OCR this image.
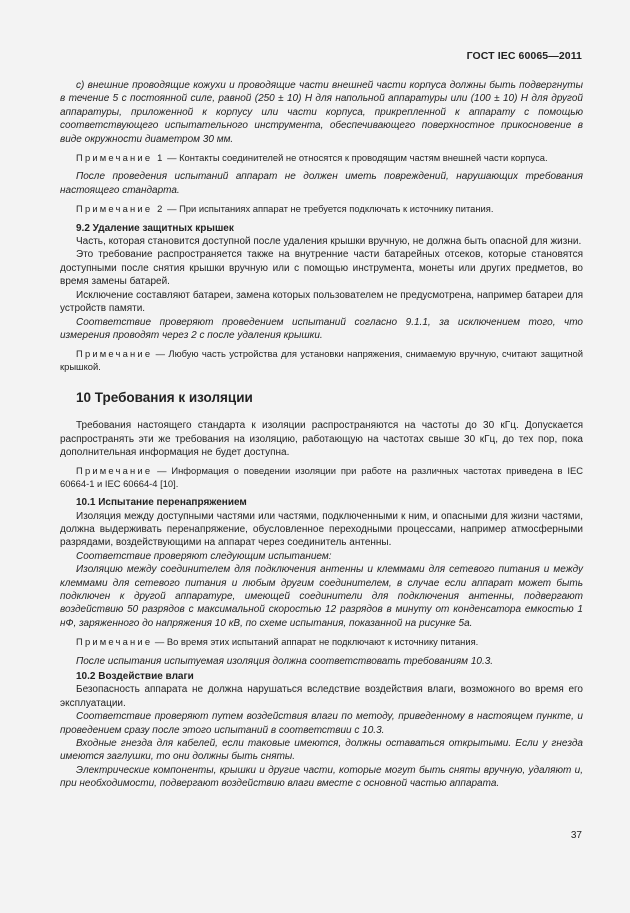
ГОСТ IEC 60065—2011

с) внешние проводящие кожухи и проводящие части внешней части корпуса должны быть подвергнуты в течение 5 с постоянной силе, равной (250 ± 10) Н для напольной аппаратуры или (100 ± 10) Н для другой аппаратуры, приложенной к корпусу или части корпуса, прикрепленной к аппарату с помощью соответствующего испытательного инструмента, обеспечивающего поверхностное прикосновение в виде окружности диаметром 30 мм.

Примечание 1 — Контакты соединителей не относятся к проводящим частям внешней части корпуса.

После проведения испытаний аппарат не должен иметь повреждений, нарушающих требования настоящего стандарта.

Примечание 2 — При испытаниях аппарат не требуется подключать к источнику питания.

9.2 Удаление защитных крышек

Часть, которая становится доступной после удаления крышки вручную, не должна быть опасной для жизни.

Это требование распространяется также на внутренние части батарейных отсеков, которые становятся доступными после снятия крышки вручную или с помощью инструмента, монеты или других предметов, во время замены батарей.

Исключение составляют батареи, замена которых пользователем не предусмотрена, например батареи для устройств памяти.

Соответствие проверяют проведением испытаний согласно 9.1.1, за исключением того, что измерения проводят через 2 с после удаления крышки.

Примечание — Любую часть устройства для установки напряжения, снимаемую вручную, считают защитной крышкой.

10 Требования к изоляции

Требования настоящего стандарта к изоляции распространяются на частоты до 30 кГц. Допускается распространять эти же требования на изоляцию, работающую на частотах свыше 30 кГц, до тех пор, пока дополнительная информация не будет доступна.

Примечание — Информация о поведении изоляции при работе на различных частотах приведена в IEC 60664-1 и IEC 60664-4 [10].

10.1 Испытание перенапряжением

Изоляция между доступными частями или частями, подключенными к ним, и опасными для жизни частями, должна выдерживать перенапряжение, обусловленное переходными процессами, например атмосферными разрядами, воздействующими на аппарат через соединитель антенны.

Соответствие проверяют следующим испытанием:

Изоляцию между соединителем для подключения антенны и клеммами для сетевого питания и между клеммами для сетевого питания и любым другим соединителем, в случае если аппарат может быть подключен к другой аппаратуре, имеющей соединители для подключения антенны, подвергают воздействию 50 разрядов с максимальной скоростью 12 разрядов в минуту от конденсатора емкостью 1 нФ, заряженного до напряжения 10 кВ, по схеме испытания, показанной на рисунке 5а.

Примечание — Во время этих испытаний аппарат не подключают к источнику питания.

После испытания испытуемая изоляция должна соответствовать требованиям 10.3.

10.2 Воздействие влаги

Безопасность аппарата не должна нарушаться вследствие воздействия влаги, возможного во время его эксплуатации.

Соответствие проверяют путем воздействия влаги по методу, приведенному в настоящем пункте, и проведением сразу после этого испытаний в соответствии с 10.3.

Входные гнезда для кабелей, если таковые имеются, должны оставаться открытыми. Если у гнезда имеются заглушки, то они должны быть сняты.

Электрические компоненты, крышки и другие части, которые могут быть сняты вручную, удаляют и, при необходимости, подвергают воздействию влаги вместе с основной частью аппарата.

37
